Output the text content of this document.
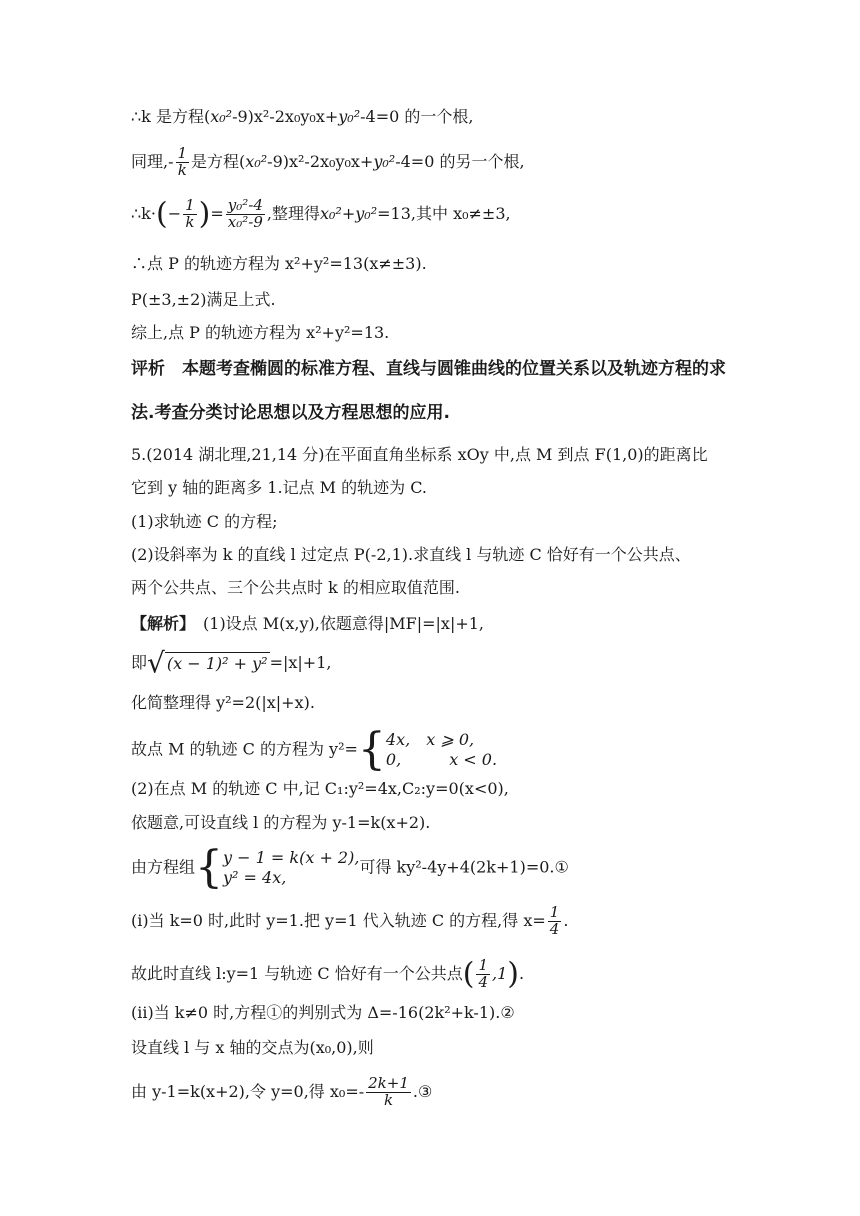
∴k 是方程(x₀²-9)x²-2x₀y₀x+y₀²-4=0 的一个根,
同理,- $\frac{1}{k}$ 是方程(x₀²-9)x²-2x₀y₀x+y₀²-4=0 的另一个根,
∴k·(− $\frac{1}{k}$ )= $\frac{\text{y₀²-4}}{\text{x₀²-9}}$ ,整理得x₀²+y₀²=13,其中 x₀≠±3,
∴点 P 的轨迹方程为 x²+y²=13(x≠±3).
P(±3,±2)满足上式.
综上,点 P 的轨迹方程为 x²+y²=13.
评析　本题考查椭圆的标准方程、直线与圆锥曲线的位置关系以及轨迹方程的求
法.考查分类讨论思想以及方程思想的应用.
5.(2014 湖北理,21,14 分)在平面直角坐标系 xOy 中,点 M 到点 F(1,0)的距离比
它到 y 轴的距离多 1.记点 M 的轨迹为 C.
(1)求轨迹 C 的方程;
(2)设斜率为 k 的直线 l 过定点 P(-2,1).求直线 l 与轨迹 C 恰好有一个公共点、
两个公共点、三个公共点时 k 的相应取值范围.
【解析】　(1)设点 M(x,y),依题意得|MF|=|x|+1,
即√ (x − 1)² + y² =|x|+1,
化简整理得 y²=2(|x|+x).
故点 M 的轨迹 C 的方程为 y²={ 4x,　x ⩾ 0,
0,　　　x < 0.
(2)在点 M 的轨迹 C 中,记 C₁:y²=4x,C₂:y=0(x<0),
依题意,可设直线 l 的方程为 y-1=k(x+2).
由方程组{ y − 1 = k(x + 2),
y² = 4x,
可得 ky²-4y+4(2k+1)=0.①
(i)当 k=0 时,此时 y=1.把 y=1 代入轨迹 C 的方程,得 $x= \frac{1}{4}$ .
故此时直线 l:y=1 与轨迹 C 恰好有一个公共点( $\frac{1}{4} ,1$).
(ii)当 k≠0 时,方程①的判别式为 Δ=-16(2k²+k-1).②
设直线 l 与 x 轴的交点为(x₀,0),则
由 y-1=k(x+2),令 y=0,得 $x_0=- \frac{2k+1}{k}$ .③
